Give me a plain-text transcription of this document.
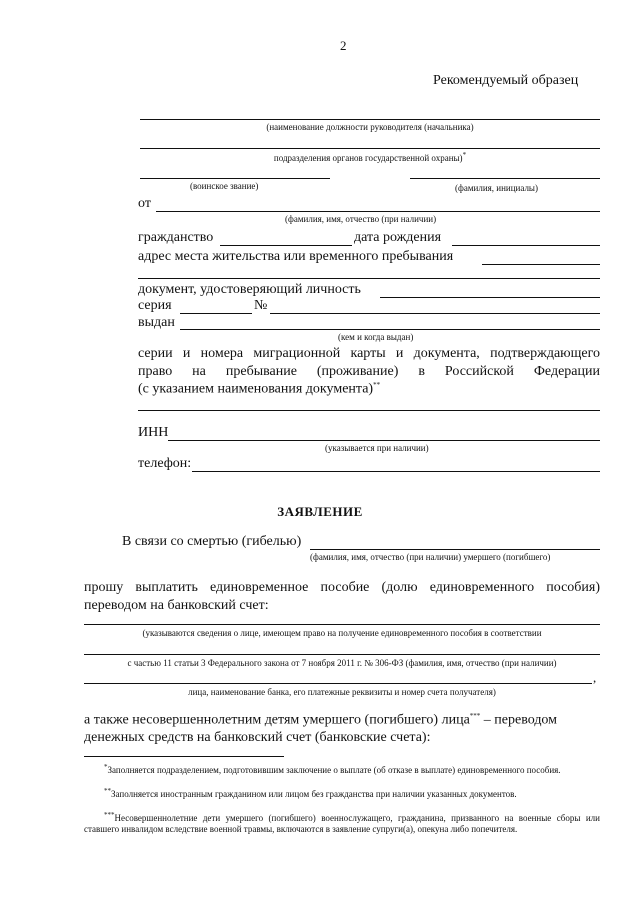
2
Рекомендуемый образец
(наименование должности руководителя (начальника)
подразделения органов государственной охраны)*
(воинское звание)	(фамилия, инициалы)
от
(фамилия, имя, отчество (при наличии)
гражданство	дата рождения
адрес места жительства или временного пребывания
документ, удостоверяющий личность
серия	№
выдан
(кем и когда выдан)
серии и номера миграционной карты и документа, подтверждающего
право на пребывание (проживание) в Российской Федерации
(с указанием наименования документа)**
ИНН
(указывается при наличии)
телефон:
ЗАЯВЛЕНИЕ
В связи со смертью (гибелью)
(фамилия, имя, отчество (при наличии) умершего (погибшего)
прошу выплатить единовременное пособие (долю единовременного пособия)
переводом на банковский счет:
(указываются сведения о лице, имеющем право на получение единовременного пособия в соответствии
с частью 11 статьи 3 Федерального закона от 7 ноября 2011 г. № 306-ФЗ (фамилия, имя, отчество (при наличии)
,
лица, наименование банка, его платежные реквизиты и номер счета получателя)
а также несовершеннолетним детям умершего (погибшего) лица*** – переводом
денежных средств на банковский счет (банковские счета):
*Заполняется подразделением, подготовившим заключение о выплате (об отказе в выплате) единовременного пособия.
**Заполняется иностранным гражданином или лицом без гражданства при наличии указанных документов.
***Несовершеннолетние дети умершего (погибшего) военнослужащего, гражданина, призванного на военные сборы или ставшего инвалидом вследствие военной травмы, включаются в заявление супруги(а), опекуна либо попечителя.
